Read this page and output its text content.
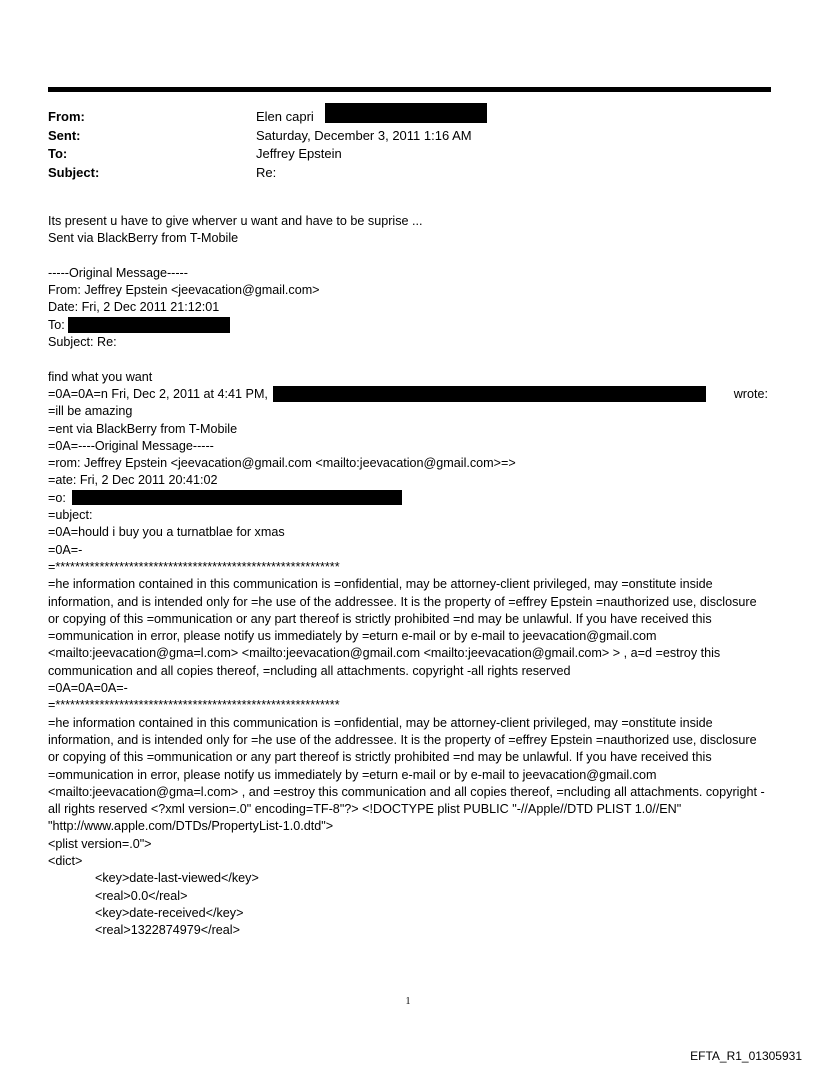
From:	Elen capri
Sent:	Saturday, December 3, 2011 1:16 AM
To:	Jeffrey Epstein
Subject:	Re:
Its present u have to give wherver u want and have to be suprise ...
Sent via BlackBerry from T-Mobile
-----Original Message-----
From: Jeffrey Epstein <jeevacation@gmail.com>
Date: Fri, 2 Dec 2011 21:12:01
To:
Subject: Re:
find what you want
=0A=0A=n Fri, Dec 2, 2011 at 4:41 PM,	wrote:
=ill be amazing
=ent via BlackBerry from T-Mobile
=0A=----Original Message-----
=rom: Jeffrey Epstein <jeevacation@gmail.com <mailto:jeevacation@gmail.com>=>
=ate: Fri, 2 Dec 2011 20:41:02
=o:
=ubject:
=0A=hould i buy you a turnatblae for xmas
=0A=-
=**********************************************************
=he information contained in this communication is =onfidential, may be attorney-client privileged, may =onstitute inside information, and is intended only for =he use of the addressee. It is the property of =effrey Epstein =nauthorized use, disclosure or copying of this =ommunication or any part thereof is strictly prohibited =nd may be unlawful. If you have received this =ommunication in error, please notify us immediately by =eturn e-mail or by e-mail to jeevacation@gmail.com <mailto:jeevacation@gma=l.com> <mailto:jeevacation@gmail.com <mailto:jeevacation@gmail.com> > , a=d =estroy this communication and all copies thereof, =ncluding all attachments. copyright -all rights reserved
=0A=0A=0A=-
=**********************************************************
=he information contained in this communication is =onfidential, may be attorney-client privileged, may =onstitute inside information, and is intended only for =he use of the addressee. It is the property of =effrey Epstein =nauthorized use, disclosure or copying of this =ommunication or any part thereof is strictly prohibited =nd may be unlawful. If you have received this =ommunication in error, please notify us immediately by =eturn e-mail or by e-mail to jeevacation@gmail.com <mailto:jeevacation@gma=l.com> , and =estroy this communication and all copies thereof, =ncluding all attachments. copyright -all rights reserved <?xml version=.0" encoding=TF-8"?> <!DOCTYPE plist PUBLIC "-//Apple//DTD PLIST 1.0//EN" "http://www.apple.com/DTDs/PropertyList-1.0.dtd">
<plist version=.0">
<dict>
<key>date-last-viewed</key>
<real>0.0</real>
<key>date-received</key>
<real>1322874979</real>
1
EFTA_R1_01305931
